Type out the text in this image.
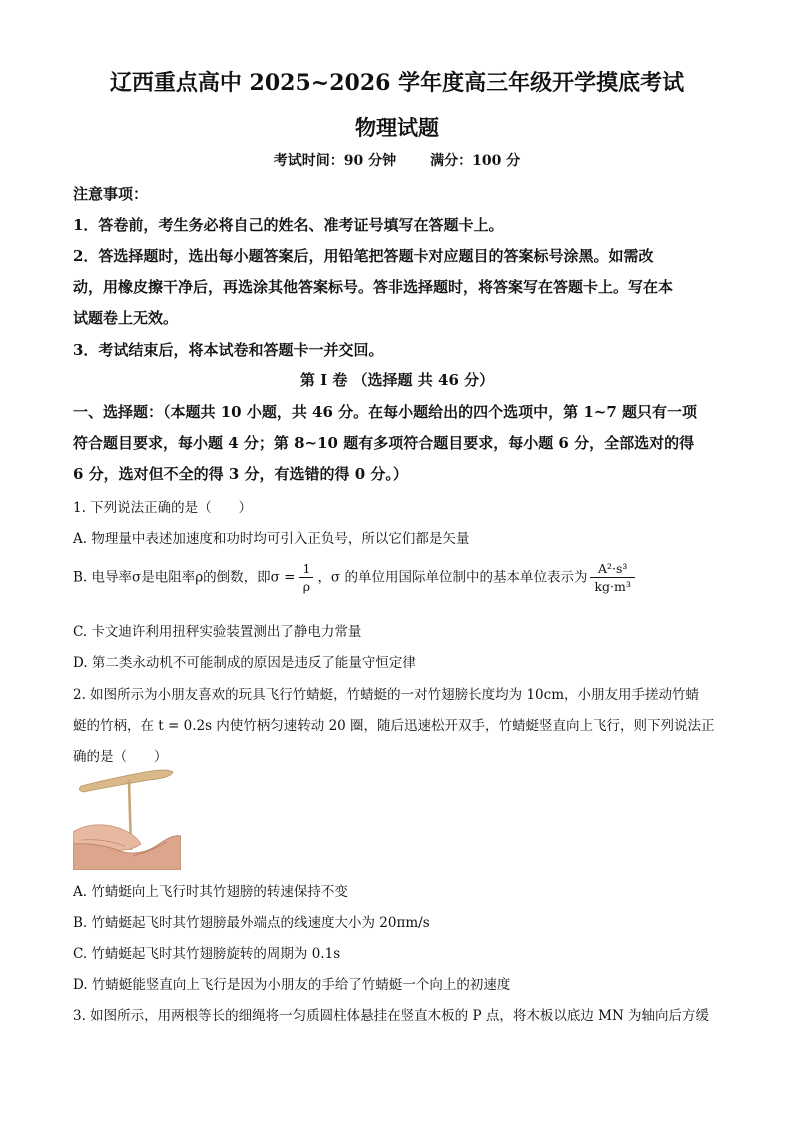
辽西重点高中 2025~2026 学年度高三年级开学摸底考试
物理试题
考试时间：90 分钟 满分：100 分
注意事项：
1．答卷前，考生务必将自己的姓名、准考证号填写在答题卡上。
2．答选择题时，选出每小题答案后，用铅笔把答题卡对应题目的答案标号涂黑。如需改
动，用橡皮擦干净后，再选涂其他答案标号。答非选择题时，将答案写在答题卡上。写在本
试题卷上无效。
3．考试结束后，将本试卷和答题卡一并交回。
第 I 卷 （选择题 共 46 分）
一、选择题：（本题共 10 小题，共 46 分。在每小题给出的四个选项中，第 1~7 题只有一项
符合题目要求，每小题 4 分；第 8~10 题有多项符合题目要求，每小题 6 分，全部选对的得
6 分，选对但不全的得 3 分，有选错的得 0 分。）
1. 下列说法正确的是（　　）
A. 物理量中表述加速度和功时均可引入正负号，所以它们都是矢量
B. 电导率σ是电阻率ρ的倒数，即$\sigma = \frac{1}{\rho}$ ，σ 的单位用国际单位制中的基本单位表示为 $\frac{\text{A²·s³}}{\text{kg·m³}}$
C. 卡文迪许利用扭秤实验装置测出了静电力常量
D. 第二类永动机不可能制成的原因是违反了能量守恒定律
2. 如图所示为小朋友喜欢的玩具飞行竹蜻蜓，竹蜻蜓的一对竹翅膀长度均为 10cm，小朋友用手搓动竹蜻
蜓的竹柄，在 t = 0.2s 内使竹柄匀速转动 20 圈，随后迅速松开双手，竹蜻蜓竖直向上飞行，则下列说法正
确的是（　　）
A. 竹蜻蜓向上飞行时其竹翅膀的转速保持不变
B. 竹蜻蜓起飞时其竹翅膀最外端点的线速度大小为 20πm/s
C. 竹蜻蜓起飞时其竹翅膀旋转的周期为 0.1s
D. 竹蜻蜓能竖直向上飞行是因为小朋友的手给了竹蜻蜓一个向上的初速度
3. 如图所示，用两根等长的细绳将一匀质圆柱体悬挂在竖直木板的 P 点，将木板以底边 MN 为轴向后方缓
